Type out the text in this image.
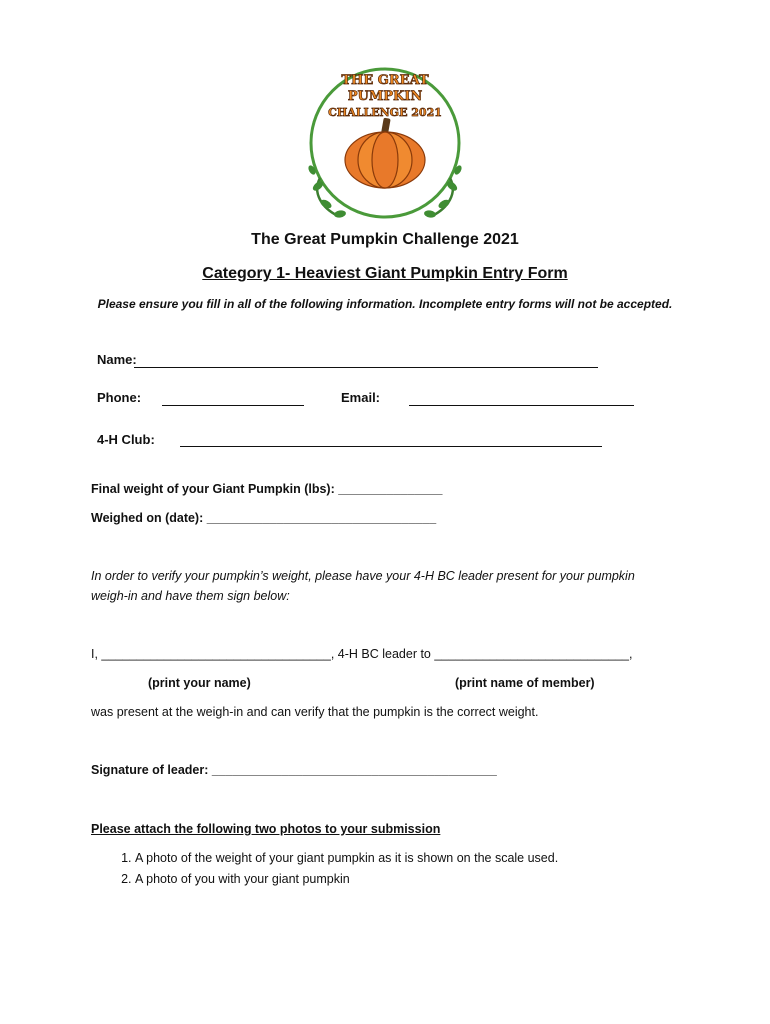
THE GREAT
PUMPKIN
CHALLENGE 2021
The Great Pumpkin Challenge 2021
Category 1- Heaviest Giant Pumpkin Entry Form
Please ensure you fill in all of the following information. Incomplete entry forms will not be accepted.
Name:
Phone:	Email:
4-H Club:
Final weight of your Giant Pumpkin (lbs): _______________
Weighed on (date): _________________________________
In order to verify your pumpkin’s weight, please have your 4-H BC leader present for your pumpkin
weigh-in and have them sign below:
I, _________________________________, 4-H BC leader to ____________________________,
(print your name)	(print name of member)
was present at the weigh-in and can verify that the pumpkin is the correct weight.
Signature of leader: _________________________________________
Please attach the following two photos to your submission
1. A photo of the weight of your giant pumpkin as it is shown on the scale used.
2. A photo of you with your giant pumpkin
